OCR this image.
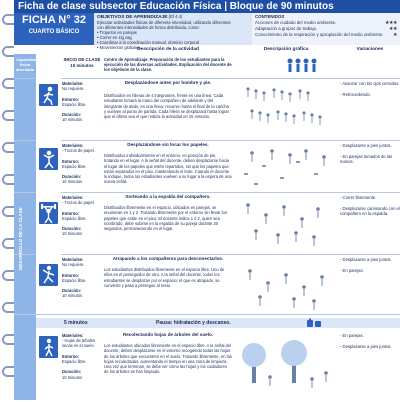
Ficha de clase subsector Educación Física | Bloque de 90 minutos
FICHA N° 32
CUARTO BÁSICO
OBJETIVOS DE APRENDIZAJE (Ef 4.4)
Ejecutar actividades físicas de diferente intensidad, utilizando diferentes
con diferentes intensidades de forma distribuida, como:
• Tropezar en parejas
• Correr en zig zag
• Coordinar a la coordinación manual, dominio corporal
• Movimientos globales
CONTENIDOS
Acciones de cuidado del medio ambiente.	★★★
Adaptación a grupos de trabajo.	★★
Conocimiento de la respiración y apropiación del medio ambiente. ★
Descripción de la actividad	Descripción gráfica	Variaciones
Capacidad física abordada
DESARROLLO DE LA CLASE
INICIO DE CLASE
15 minutos
Centro de Aprendizaje. Preparación de los estudiantes para la ejecución de las diversas actividades. Explicación del docente de los objetivos de la clase.
Materiales:
No requiere.

Entorno:
Espacio libre.

Duración:
10 minutos
Desplazándose antes por hombre y pie.
Distribuidos en hileras de 4 integrantes, frente en una línea. Cada estudiante tomará la mano del compañero de adelante y del integrante de atrás, en una línea; recorren hasta el final de la cancha y vuelven al punto de partida. Cada hilera se desplazará hasta lograr que el último sea el que realiza la actividad en 15 minutos.
- Avanzar con los ojos cerrados.

- Retrocediendo.
Materiales:
- Trozos de papel.

Entorno:
Espacio libre.

Duración:
10 minutos
Desplazándose sin tocar los papeles.
Distribuidos individualmente en el entorno, en posición de pie, trotando en el lugar. A la señal del docente, deben desplazarse hacia el lugar de los papeles que estén repartidos, sin que los papeles que están separados en el piso, manteniendo el trote. Cuando el docente lo indique, todos los estudiantes vuelven a su lugar a la espera de una nueva señal.
- Desplazarse a pies juntos.

- En parejas tomados de las manos.
Materiales:
- Trozos de papel.

Entorno:
Espacio libre.

Duración:
10 minutos
Sorteando a la espalda del compañero.
Distribuidos libremente en el espacio, ubicados en parejas, se enumeran en 1 y 2. Trotando libremente por el entorno sin llevar los papeles que están en el piso. El docente indica 1 ó 2, quien sea nombrado, debe subirse en la espalda de su pareja durante 20 segundos, permaneciendo en el lugar.
- Correr libremente.

- Desplazarse caminando con el compañero en la espalda.
Materiales:
No requiere.

Entorno:
Espacio libre.

Duración:
10 minutos
Atrapando a los compañeros para desconectarlos.
Los estudiantes distribuidos libremente en el espacio libre. Uno de ellos es el perseguidor de otro. A la señal del docente, todos los estudiantes se desplazan por el espacio; el que es atrapado, se convierte y pasa a perseguir al resto.
- Desplazarse a pies juntos.

- En parejas.
5 minutos	Pausa: hidratación y descanso.
Materiales:
- Hojas de árboles secas en el suelo.

Entorno:
Espacio libre.

Duración:
10 minutos
Recolectando hojas de árboles del suelo.
Los estudiantes ubicados libremente en el espacio libre. A la señal del docente, deben desplazarse en el entorno recogiendo todas las hojas de los árboles que encuentren en el suelo. Trotando libremente, en las hojas recolectadas, aumentando el tiempo en una zona de limpieza. Una vez que terminan, se debe ver cómo las hojas y los cuidadores de los árboles se han limpiado.
- En parejas.

- Desplazarse a pies juntos.
